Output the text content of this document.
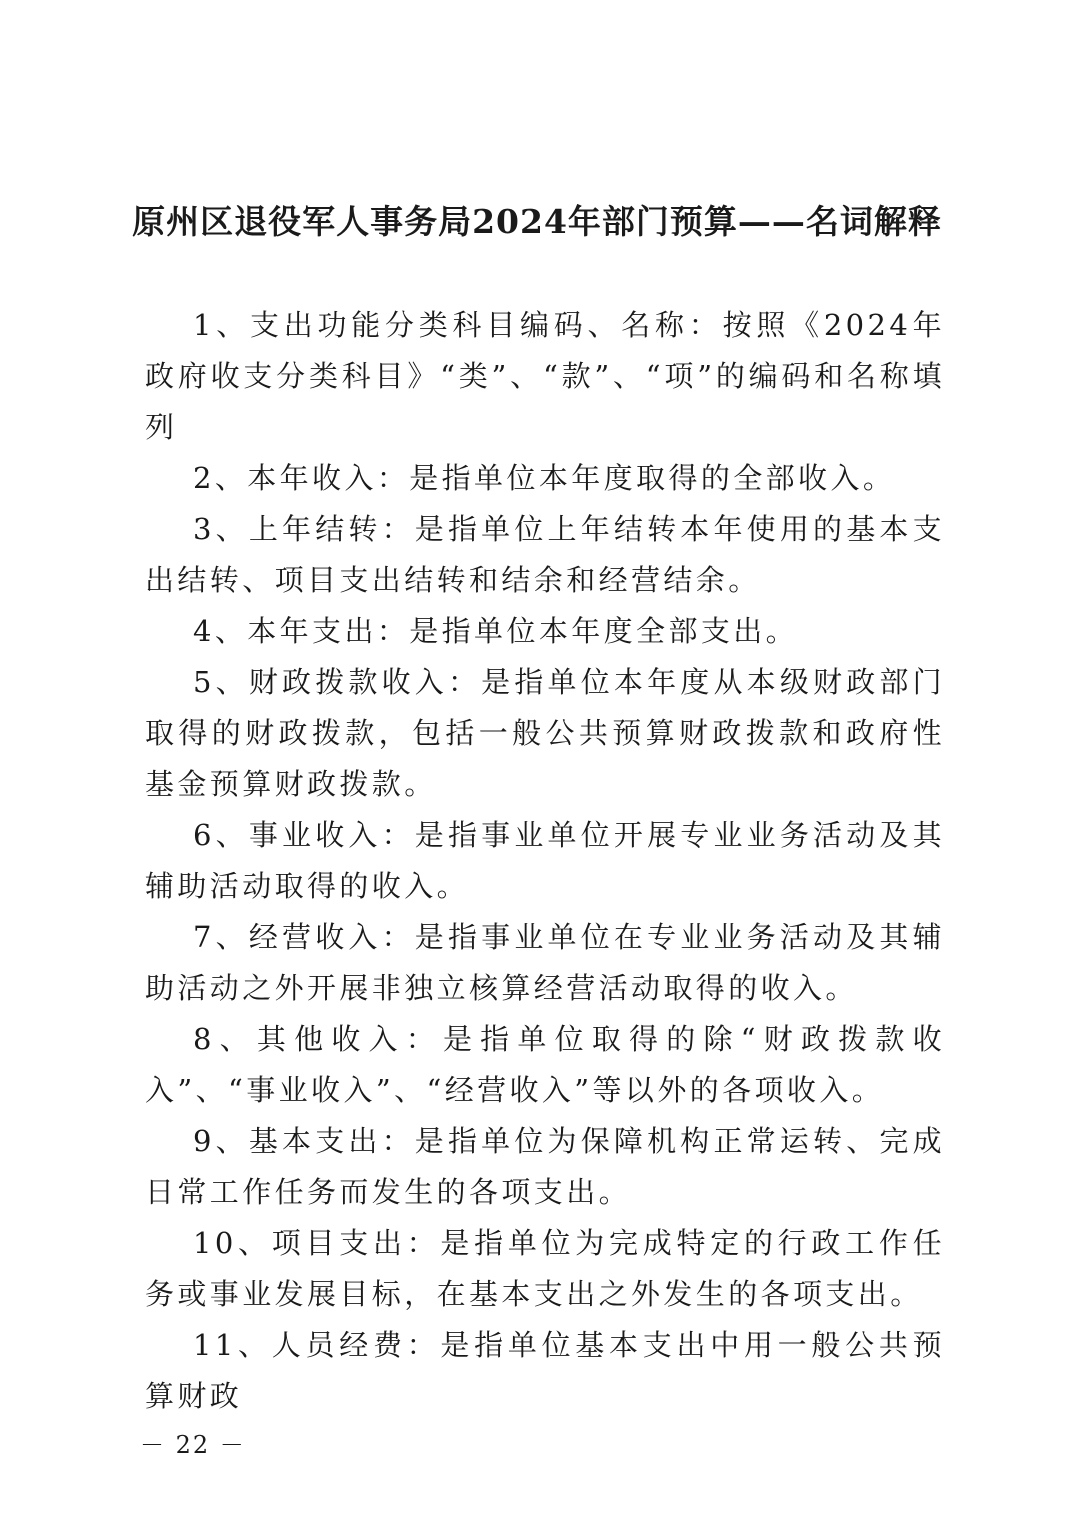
原州区退役军人事务局2024年部门预算——名词解释

1、支出功能分类科目编码、名称：按照《2024年政府收支分类科目》“类”、“款”、“项”的编码和名称填列

2、本年收入：是指单位本年度取得的全部收入。

3、上年结转：是指单位上年结转本年使用的基本支出结转、项目支出结转和结余和经营结余。

4、本年支出：是指单位本年度全部支出。

5、财政拨款收入：是指单位本年度从本级财政部门取得的财政拨款，包括一般公共预算财政拨款和政府性基金预算财政拨款。

6、事业收入：是指事业单位开展专业业务活动及其辅助活动取得的收入。

7、经营收入：是指事业单位在专业业务活动及其辅助活动之外开展非独立核算经营活动取得的收入。

8、其他收入：是指单位取得的除“财政拨款收入”、“事业收入”、“经营收入”等以外的各项收入。

9、基本支出：是指单位为保障机构正常运转、完成日常工作任务而发生的各项支出。

10、项目支出：是指单位为完成特定的行政工作任务或事业发展目标，在基本支出之外发生的各项支出。

11、人员经费：是指单位基本支出中用一般公共预算财政

－ 22 －
